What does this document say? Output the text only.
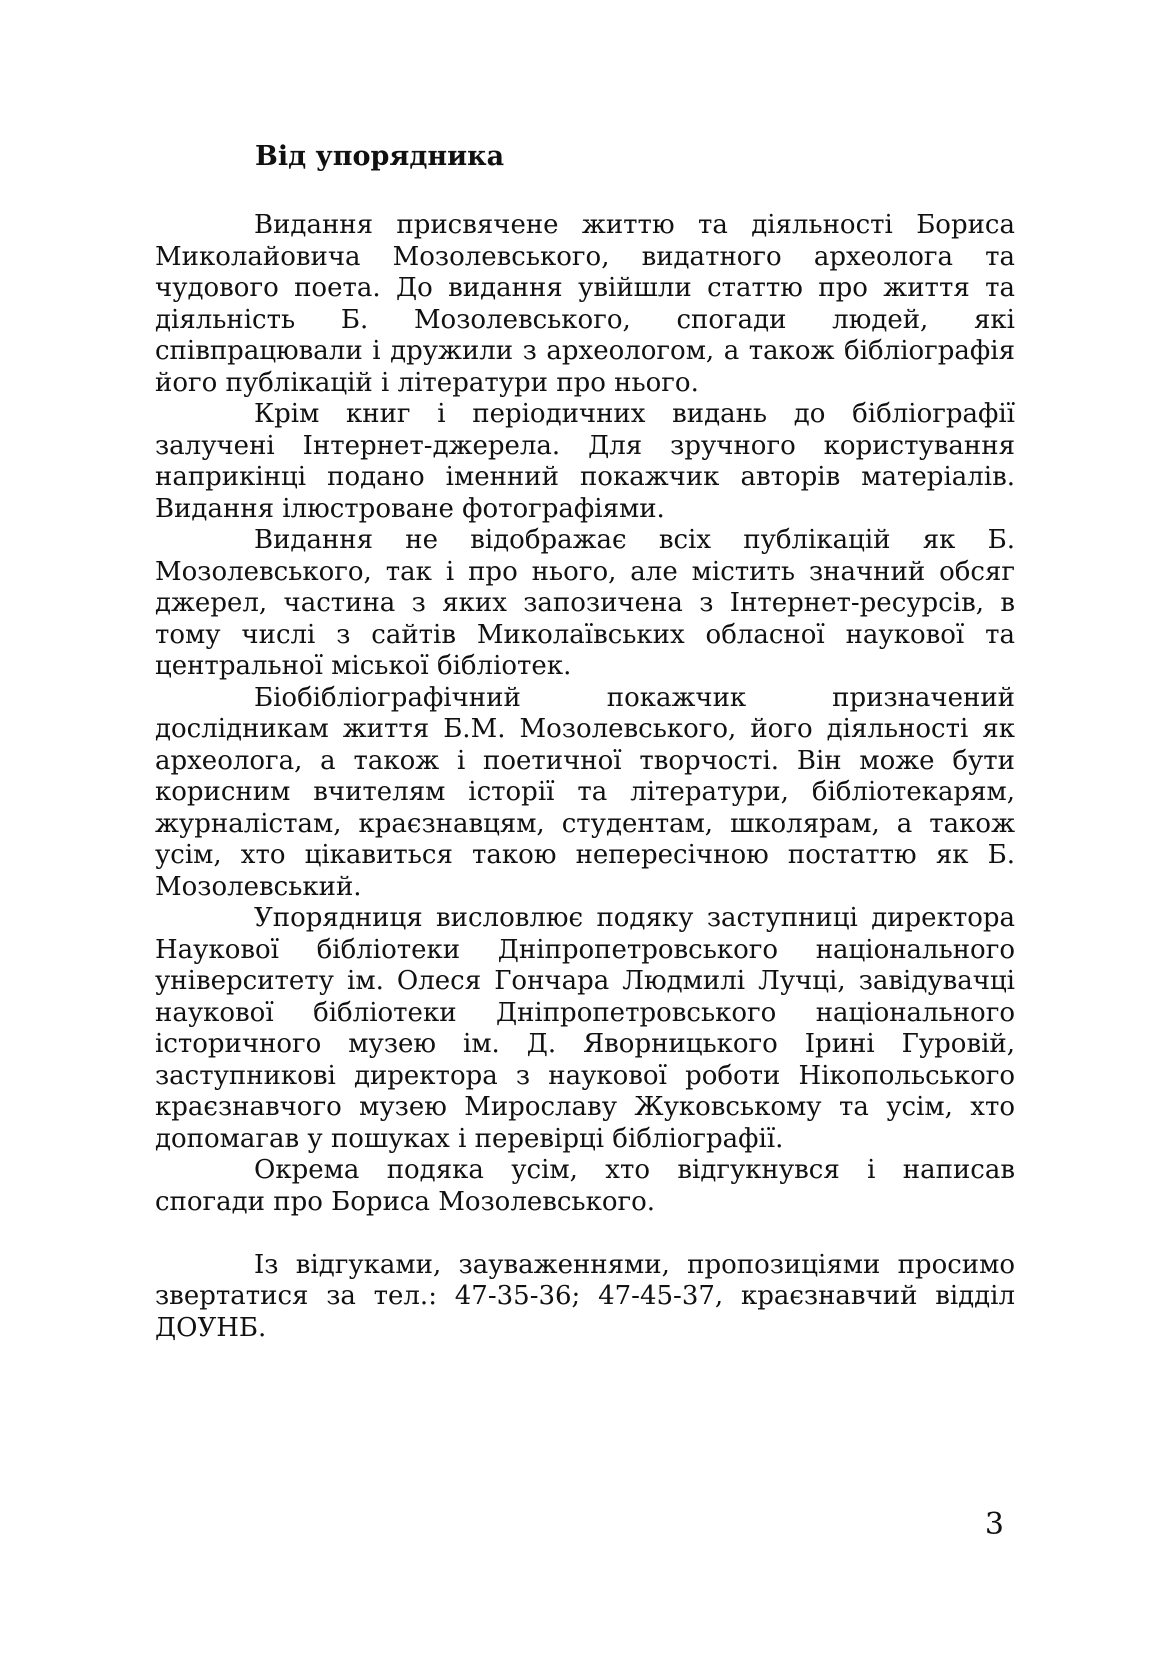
Від упорядника

Видання присвячене життю та діяльності Бориса Миколайовича Мозолевського, видатного археолога та чудового поета. До видання увійшли статтю про життя та діяльність Б. Мозолевського, спогади людей, які співпрацювали і дружили з археологом, а також бібліографія його публікацій і літератури про нього.

Крім книг і періодичних видань до бібліографії залучені Інтернет-джерела. Для зручного користування наприкінці подано іменний покажчик авторів матеріалів. Видання ілюстроване фотографіями.

Видання не відображає всіх публікацій як Б. Мозолевського, так і про нього, але містить значний обсяг джерел, частина з яких запозичена з Інтернет-ресурсів, в тому числі з сайтів Миколаївських обласної наукової та центральної міської бібліотек.

Біобібліографічний покажчик призначений дослідникам життя Б.М. Мозолевського, його діяльності як археолога, а також і поетичної творчості. Він може бути корисним вчителям історії та літератури, бібліотекарям, журналістам, краєзнавцям, студентам, школярам, а також усім, хто цікавиться такою непересічною постаттю як Б. Мозолевський.

Упорядниця висловлює подяку заступниці директора Наукової бібліотеки Дніпропетровського національного університету ім. Олеся Гончара Людмилі Лучці, завідувачці наукової бібліотеки Дніпропетровського національного історичного музею ім. Д. Яворницького Ірині Гуровій, заступникові директора з наукової роботи Нікопольського краєзнавчого музею Мирославу Жуковському та усім, хто допомагав у пошуках і перевірці бібліографії.

Окрема подяка усім, хто відгукнувся і написав спогади про Бориса Мозолевського.

Із відгуками, зауваженнями, пропозиціями просимо звертатися за тел.: 47-35-36; 47-45-37, краєзнавчий відділ ДОУНБ.

3
